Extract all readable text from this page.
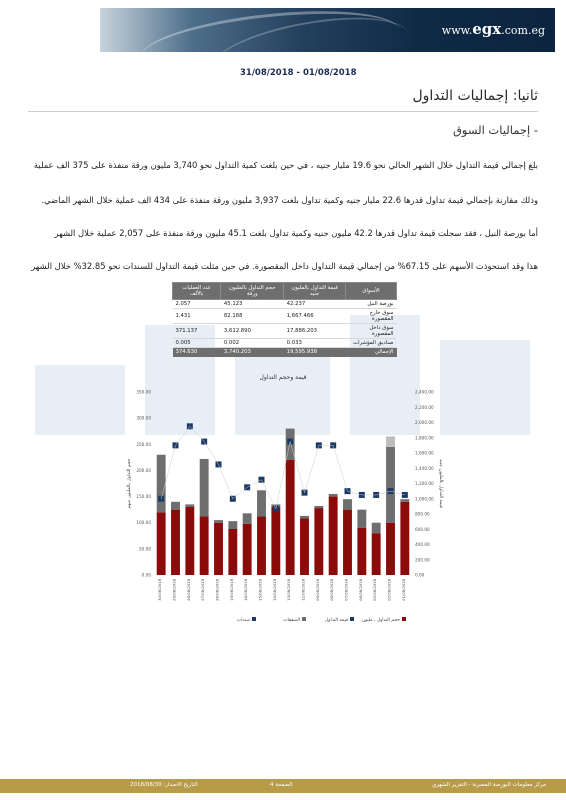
www.egx.com.eg
31/08/2018 - 01/08/2018
ثانيا: إجماليات التداول
- إجماليات السوق
بلغ إجمالي قيمة التداول خلال الشهر الحالي نحو 19.6 مليار جنيه ، في حين بلغت كمية التداول نحو 3,740 مليون ورقة منفذة على 375 الف عملية
وذلك مقارنة بإجمالي قيمة تداول قدرها 22.6 مليار جنيه وكمية تداول بلغت 3,937 مليون ورقة منفذة على 434 الف عملية خلال الشهر الماضي.
أما بورصة النيل ، فقد سجلت قيمة تداول قدرها 42.2 مليون جنيه وكمية تداول بلغت 45.1 مليون ورقة منفذة على 2,057 عملية خلال الشهر
هذا وقد استحوذت الأسهم على 67.15% من إجمالي قيمة التداول داخل المقصورة. في حين مثلت قيمة التداول للسندات نحو 32.85% خلال الشهر
عدد العمليات بالألف	حجم التداول بالمليون ورقة	قيمة التداول بالمليون جنيه	الأسواق
2.057	45.123	42.237	بورصة النيل
1.431	82.188	1,667.466	سوق خارج المقصورة
371.137	3,612.890	17,886.203	سوق داخل المقصورة
0.005	0.002	0.033	صناديق المؤشرات
374.630	3,740.203	19,595.938	الإجمالي
قيمة وحجم التداول
0.00
50.00
100.00
150.00
200.00
250.00
300.00
350.00
0.00
200.00
400.00
600.00
800.00
1,000.00
1,200.00
1,400.00
1,600.00
1,800.00
2,000.00
2,200.00
2,400.00
حجم التداول بالمليون سهم	قيمة التداول بالمليون جنيه
30/08/2018 29/08/2018 28/08/2018 27/08/2018 26/08/2018 19/08/2018 16/08/2018 15/08/2018 14/08/2018 13/08/2018 12/08/2018 09/08/2018 08/08/2018 07/08/2018 06/08/2018 05/08/2018 02/08/2018 01/08/2018
حجم التداول ، مليون
قيمة التداول
الصفقات
سندات
التاريخ الاصدار: 2018/08/30	الصفحة 4	مركز معلومات البورصة المصرية - التقرير الشهري
